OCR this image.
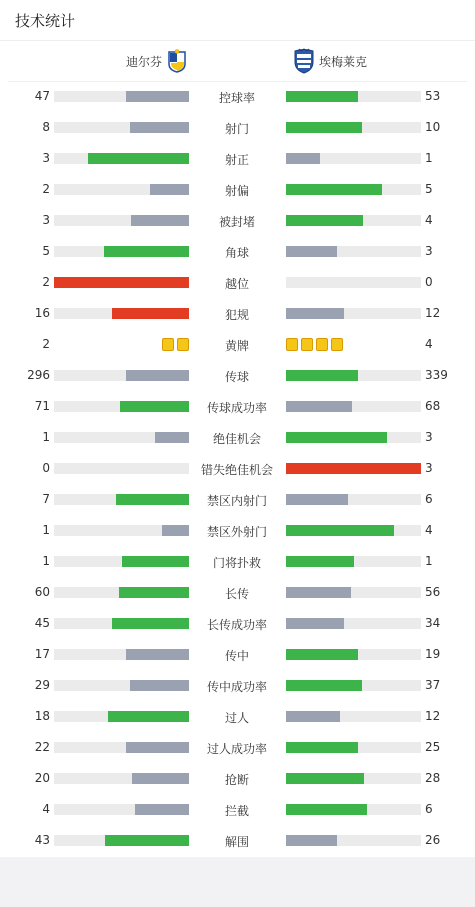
技术统计
迪尔芬	埃梅莱克
47	控球率	53
8	射门	10
3	射正	1
2	射偏	5
3	被封堵	4
5	角球	3
2	越位	0
16	犯规	12
2	黄牌	4
296	传球	339
71	传球成功率	68
1	绝佳机会	3
0	错失绝佳机会	3
7	禁区内射门	6
1	禁区外射门	4
1	门将扑救	1
60	长传	56
45	长传成功率	34
17	传中	19
29	传中成功率	37
18	过人	12
22	过人成功率	25
20	抢断	28
4	拦截	6
43	解围	26
